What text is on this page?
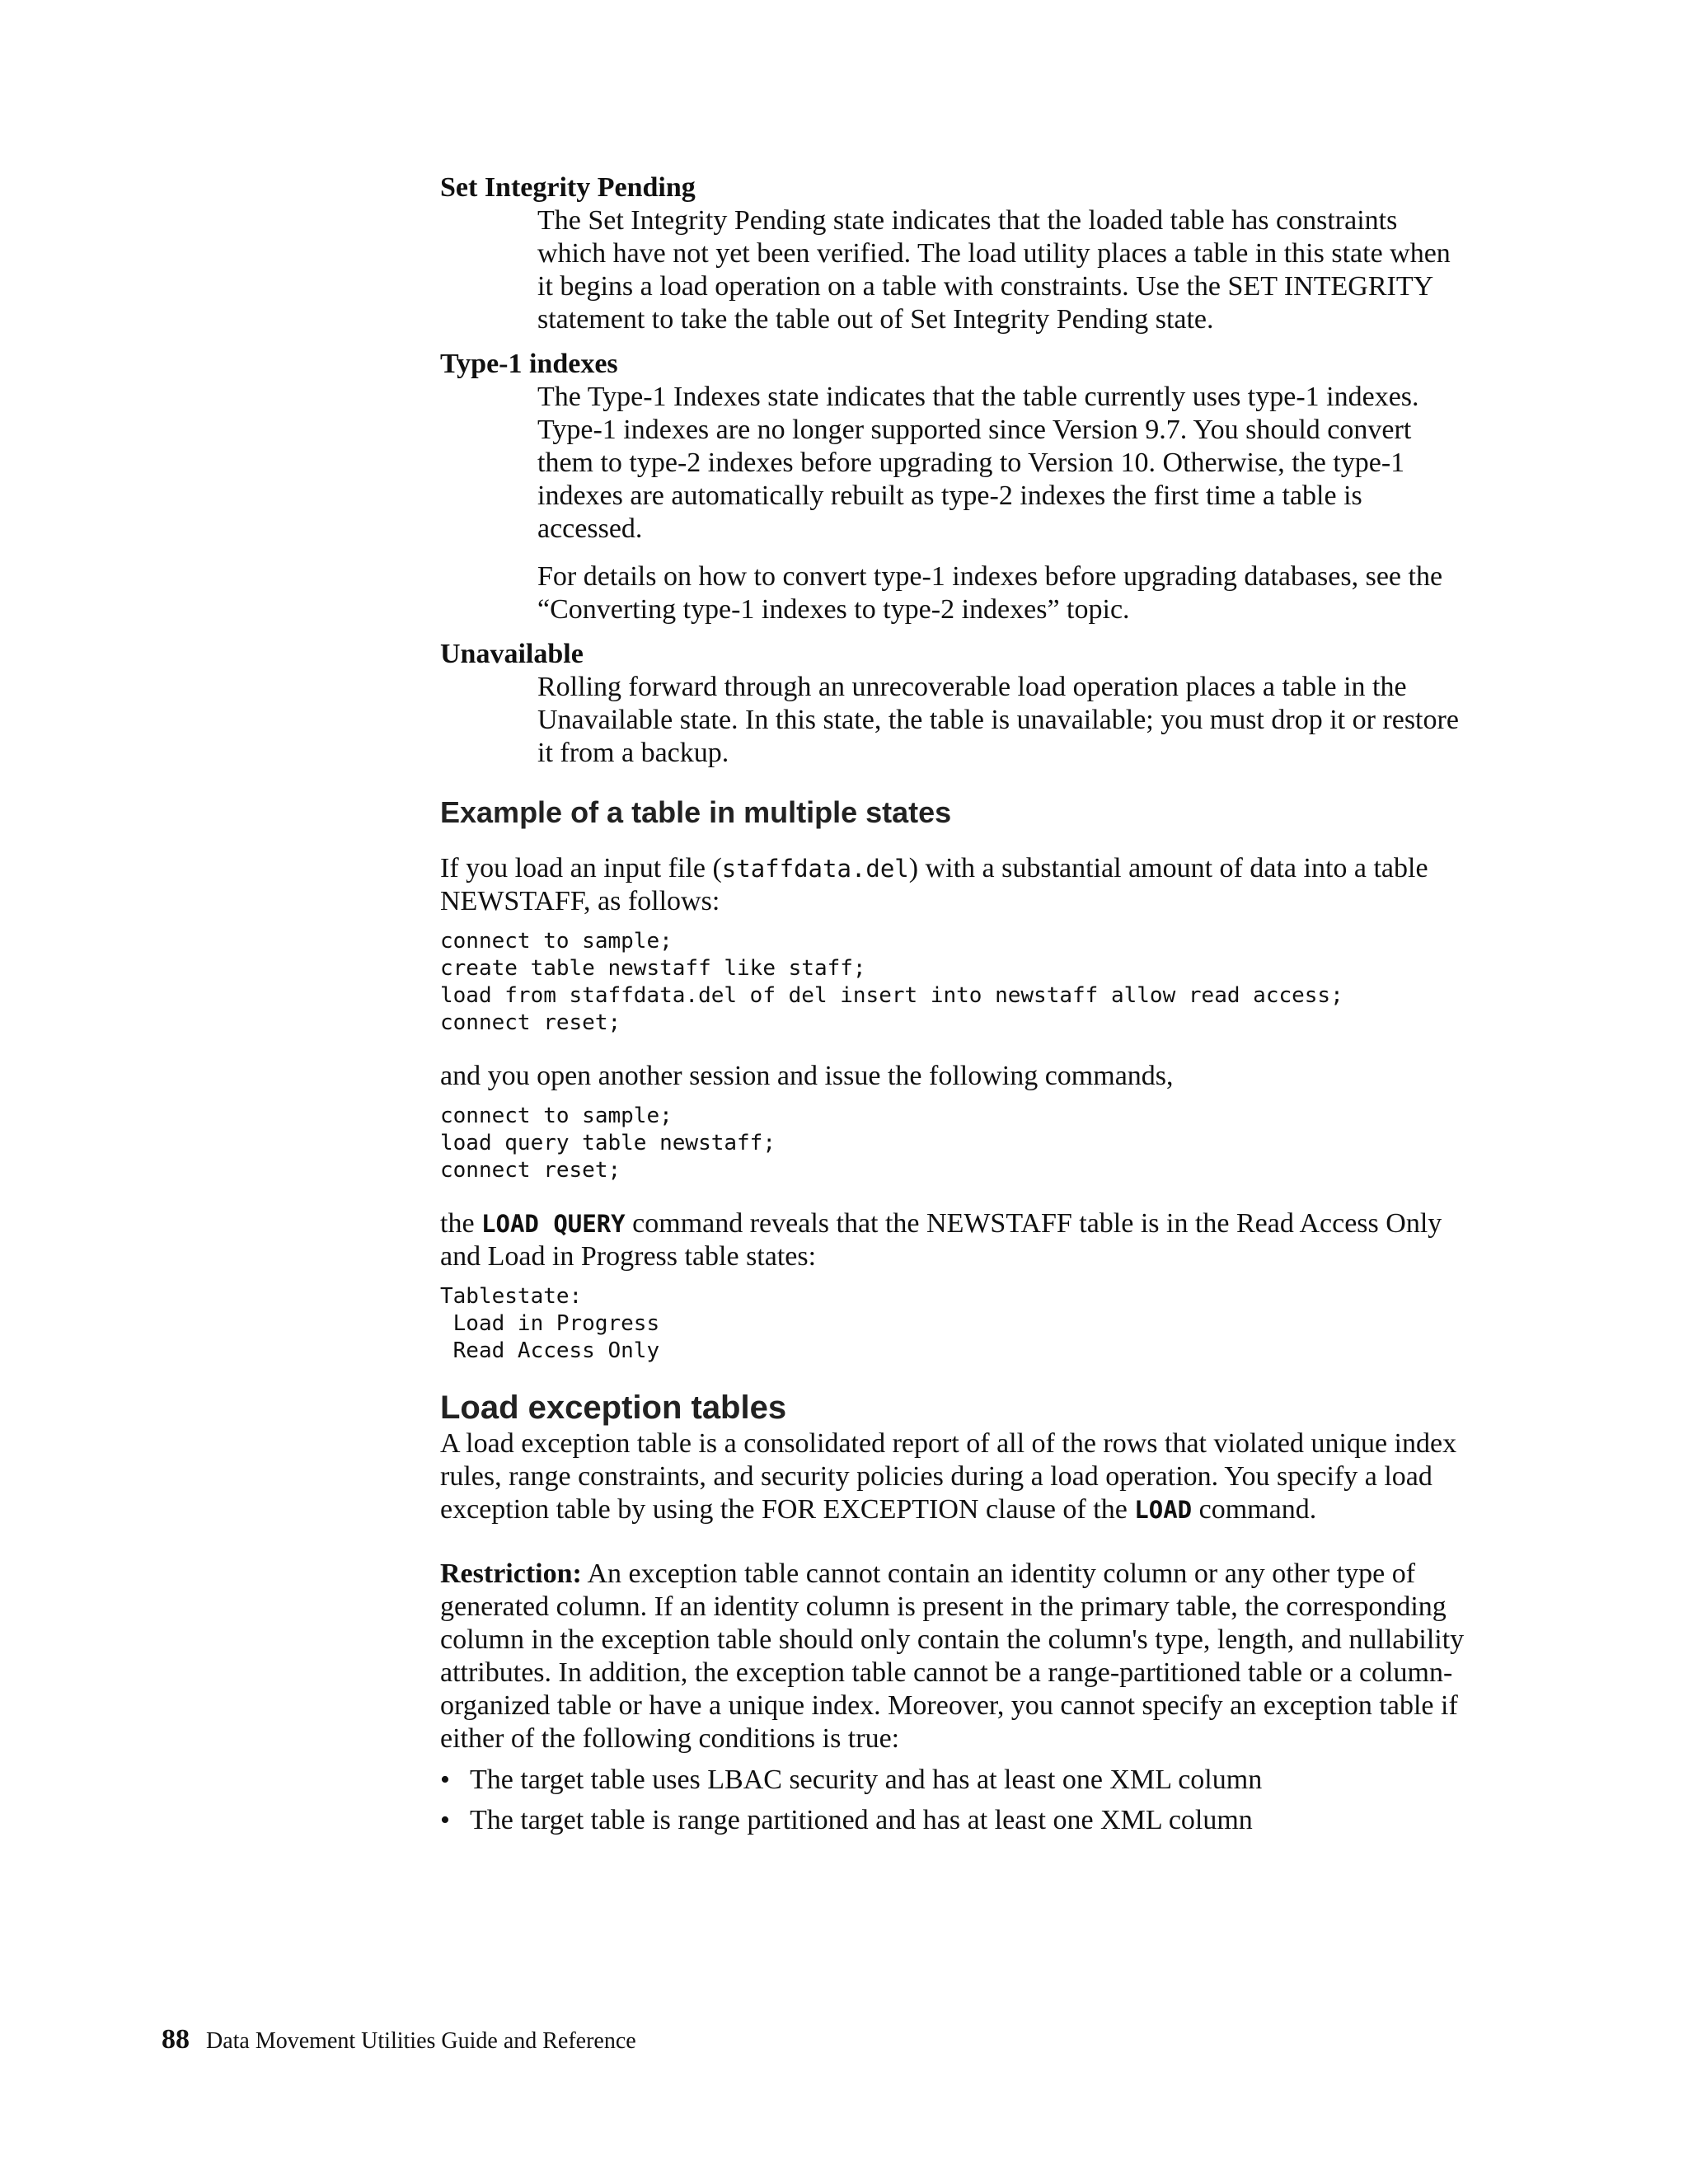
Set Integrity Pending

The Set Integrity Pending state indicates that the loaded table has constraints which have not yet been verified. The load utility places a table in this state when it begins a load operation on a table with constraints. Use the SET INTEGRITY statement to take the table out of Set Integrity Pending state.

Type-1 indexes

The Type-1 Indexes state indicates that the table currently uses type-1 indexes. Type-1 indexes are no longer supported since Version 9.7. You should convert them to type-2 indexes before upgrading to Version 10. Otherwise, the type-1 indexes are automatically rebuilt as type-2 indexes the first time a table is accessed.

For details on how to convert type-1 indexes before upgrading databases, see the “Converting type-1 indexes to type-2 indexes” topic.

Unavailable

Rolling forward through an unrecoverable load operation places a table in the Unavailable state. In this state, the table is unavailable; you must drop it or restore it from a backup.

Example of a table in multiple states

If you load an input file (staffdata.del) with a substantial amount of data into a table NEWSTAFF, as follows:

connect to sample;
create table newstaff like staff;
load from staffdata.del of del insert into newstaff allow read access;
connect reset;

and you open another session and issue the following commands,

connect to sample;
load query table newstaff;
connect reset;

the LOAD QUERY command reveals that the NEWSTAFF table is in the Read Access Only and Load in Progress table states:

Tablestate:
Load in Progress
Read Access Only
Load exception tables

A load exception table is a consolidated report of all of the rows that violated unique index rules, range constraints, and security policies during a load operation. You specify a load exception table by using the FOR EXCEPTION clause of the LOAD command.

Restriction: An exception table cannot contain an identity column or any other type of generated column. If an identity column is present in the primary table, the corresponding column in the exception table should only contain the column's type, length, and nullability attributes. In addition, the exception table cannot be a range-partitioned table or a column-organized table or have a unique index. Moreover, you cannot specify an exception table if either of the following conditions is true:

• The target table uses LBAC security and has at least one XML column
• The target table is range partitioned and has at least one XML column
88 Data Movement Utilities Guide and Reference
